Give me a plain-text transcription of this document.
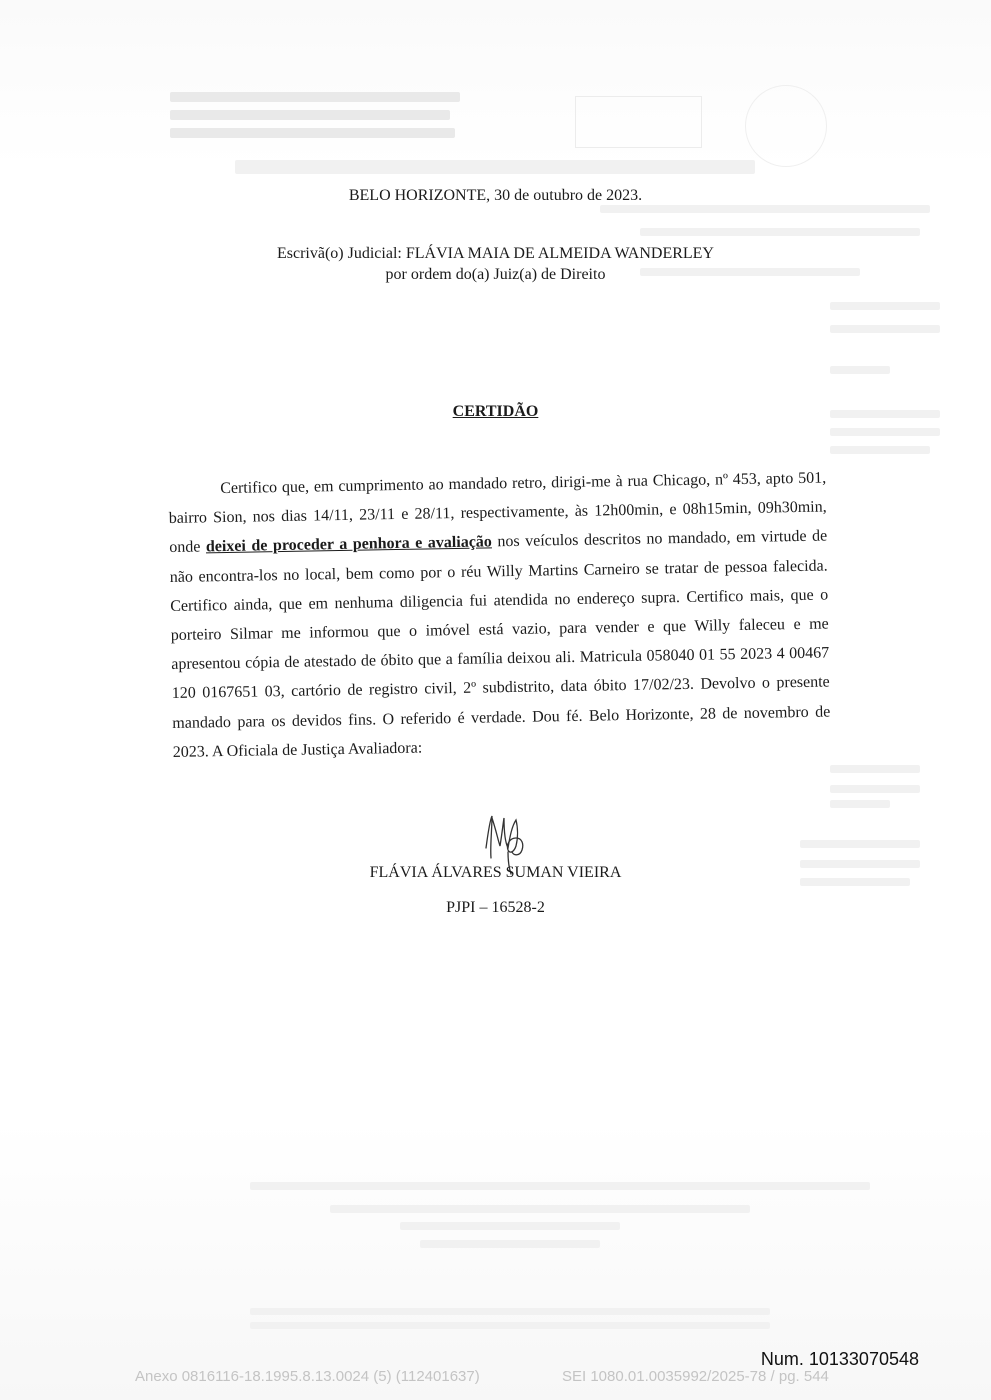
BELO HORIZONTE, 30 de outubro de 2023.
Escrivã(o) Judicial: FLÁVIA MAIA DE ALMEIDA WANDERLEY
por ordem do(a) Juiz(a) de Direito
CERTIDÃO
Certifico que, em cumprimento ao mandado retro, dirigi-me à rua Chicago, nº 453, apto 501, bairro Sion, nos dias 14/11, 23/11 e 28/11, respectivamente, às 12h00min, e 08h15min, 09h30min, onde deixei de proceder a penhora e avaliação nos veículos descritos no mandado, em virtude de não encontra-los no local, bem como por o réu Willy Martins Carneiro se tratar de pessoa falecida. Certifico ainda, que em nenhuma diligencia fui atendida no endereço supra. Certifico mais, que o porteiro Silmar me informou que o imóvel está vazio, para vender e que Willy faleceu e me apresentou cópia de atestado de óbito que a família deixou ali. Matricula 058040 01 55 2023 4 00467 120 0167651 03, cartório de registro civil, 2º subdistrito, data óbito 17/02/23. Devolvo o presente mandado para os devidos fins. O referido é verdade. Dou fé. Belo Horizonte, 28 de novembro de 2023. A Oficiala de Justiça Avaliadora:
FLÁVIA ÁLVARES SUMAN VIEIRA
PJPI – 16528-2
Num. 10133070548
Anexo 0816116-18.1995.8.13.0024 (5) (112401637)	SEI 1080.01.0035992/2025-78 / pg. 544
